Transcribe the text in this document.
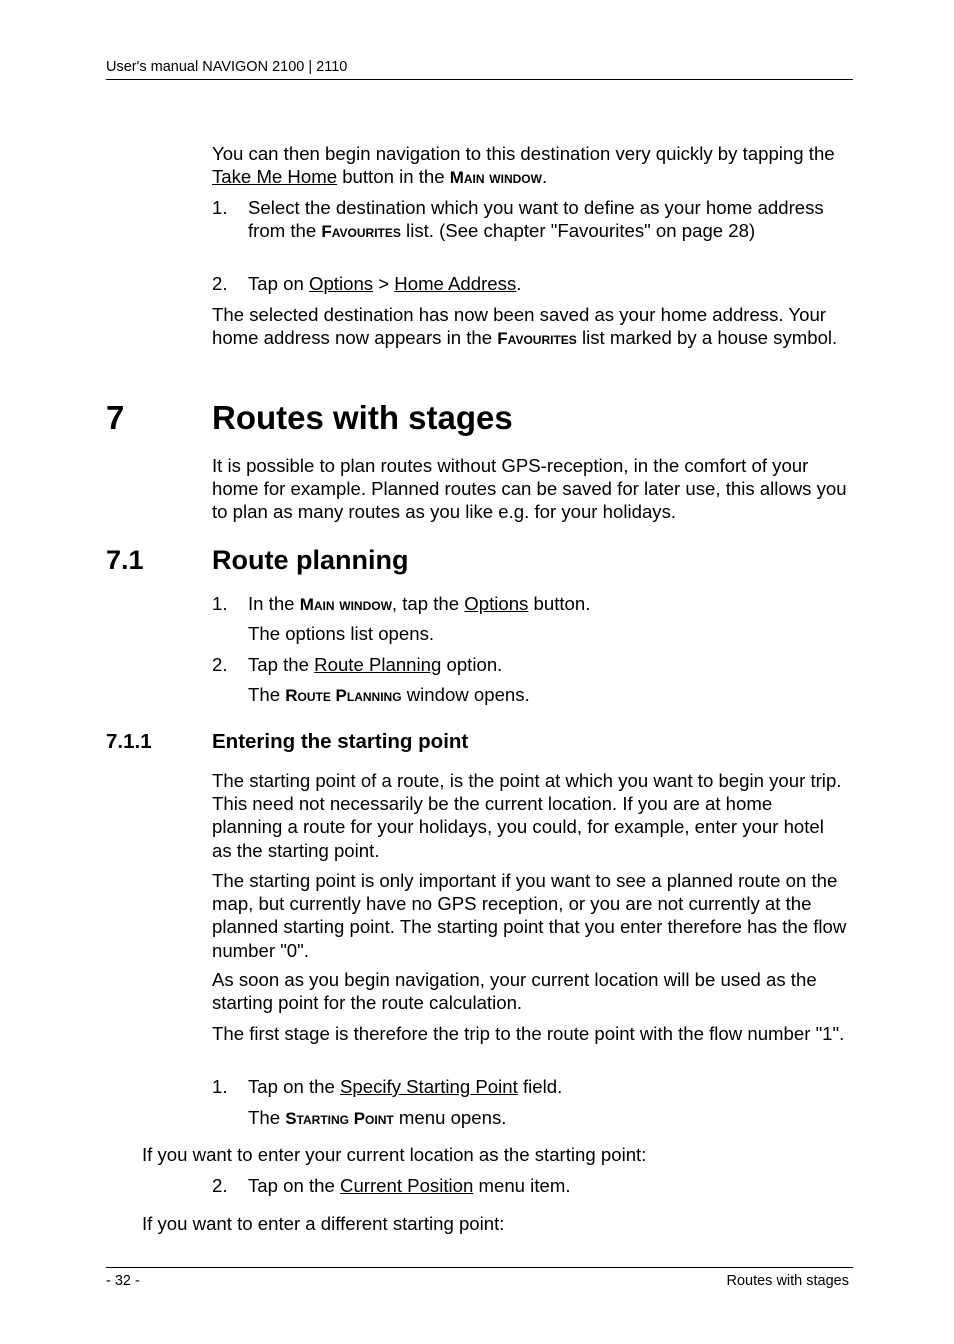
User's manual NAVIGON 2100 | 2110

You can then begin navigation to this destination very quickly by tapping the Take Me Home button in the Main window.

1. Select the destination which you want to define as your home address from the Favourites list. (See chapter "Favourites" on page 28)
2. Tap on Options > Home Address.

The selected destination has now been saved as your home address. Your home address now appears in the Favourites list marked by a house symbol.

7	Routes with stages

It is possible to plan routes without GPS-reception, in the comfort of your home for example. Planned routes can be saved for later use, this allows you to plan as many routes as you like e.g. for your holidays.

7.1	Route planning
1. In the Main window, tap the Options button.
The options list opens.
2. Tap the Route Planning option.
The Route Planning window opens.
7.1.1	Entering the starting point

The starting point of a route, is the point at which you want to begin your trip. This need not necessarily be the current location. If you are at home planning a route for your holidays, you could, for example, enter your hotel as the starting point.

The starting point is only important if you want to see a planned route on the map, but currently have no GPS reception, or you are not currently at the planned starting point. The starting point that you enter therefore has the flow number "0".

As soon as you begin navigation, your current location will be used as the starting point for the route calculation.

The first stage is therefore the trip to the route point with the flow number "1".

1. Tap on the Specify Starting Point field.
The Starting Point menu opens.
If you want to enter your current location as the starting point:
2. Tap on the Current Position menu item.
If you want to enter a different starting point:
- 32 -	Routes with stages
